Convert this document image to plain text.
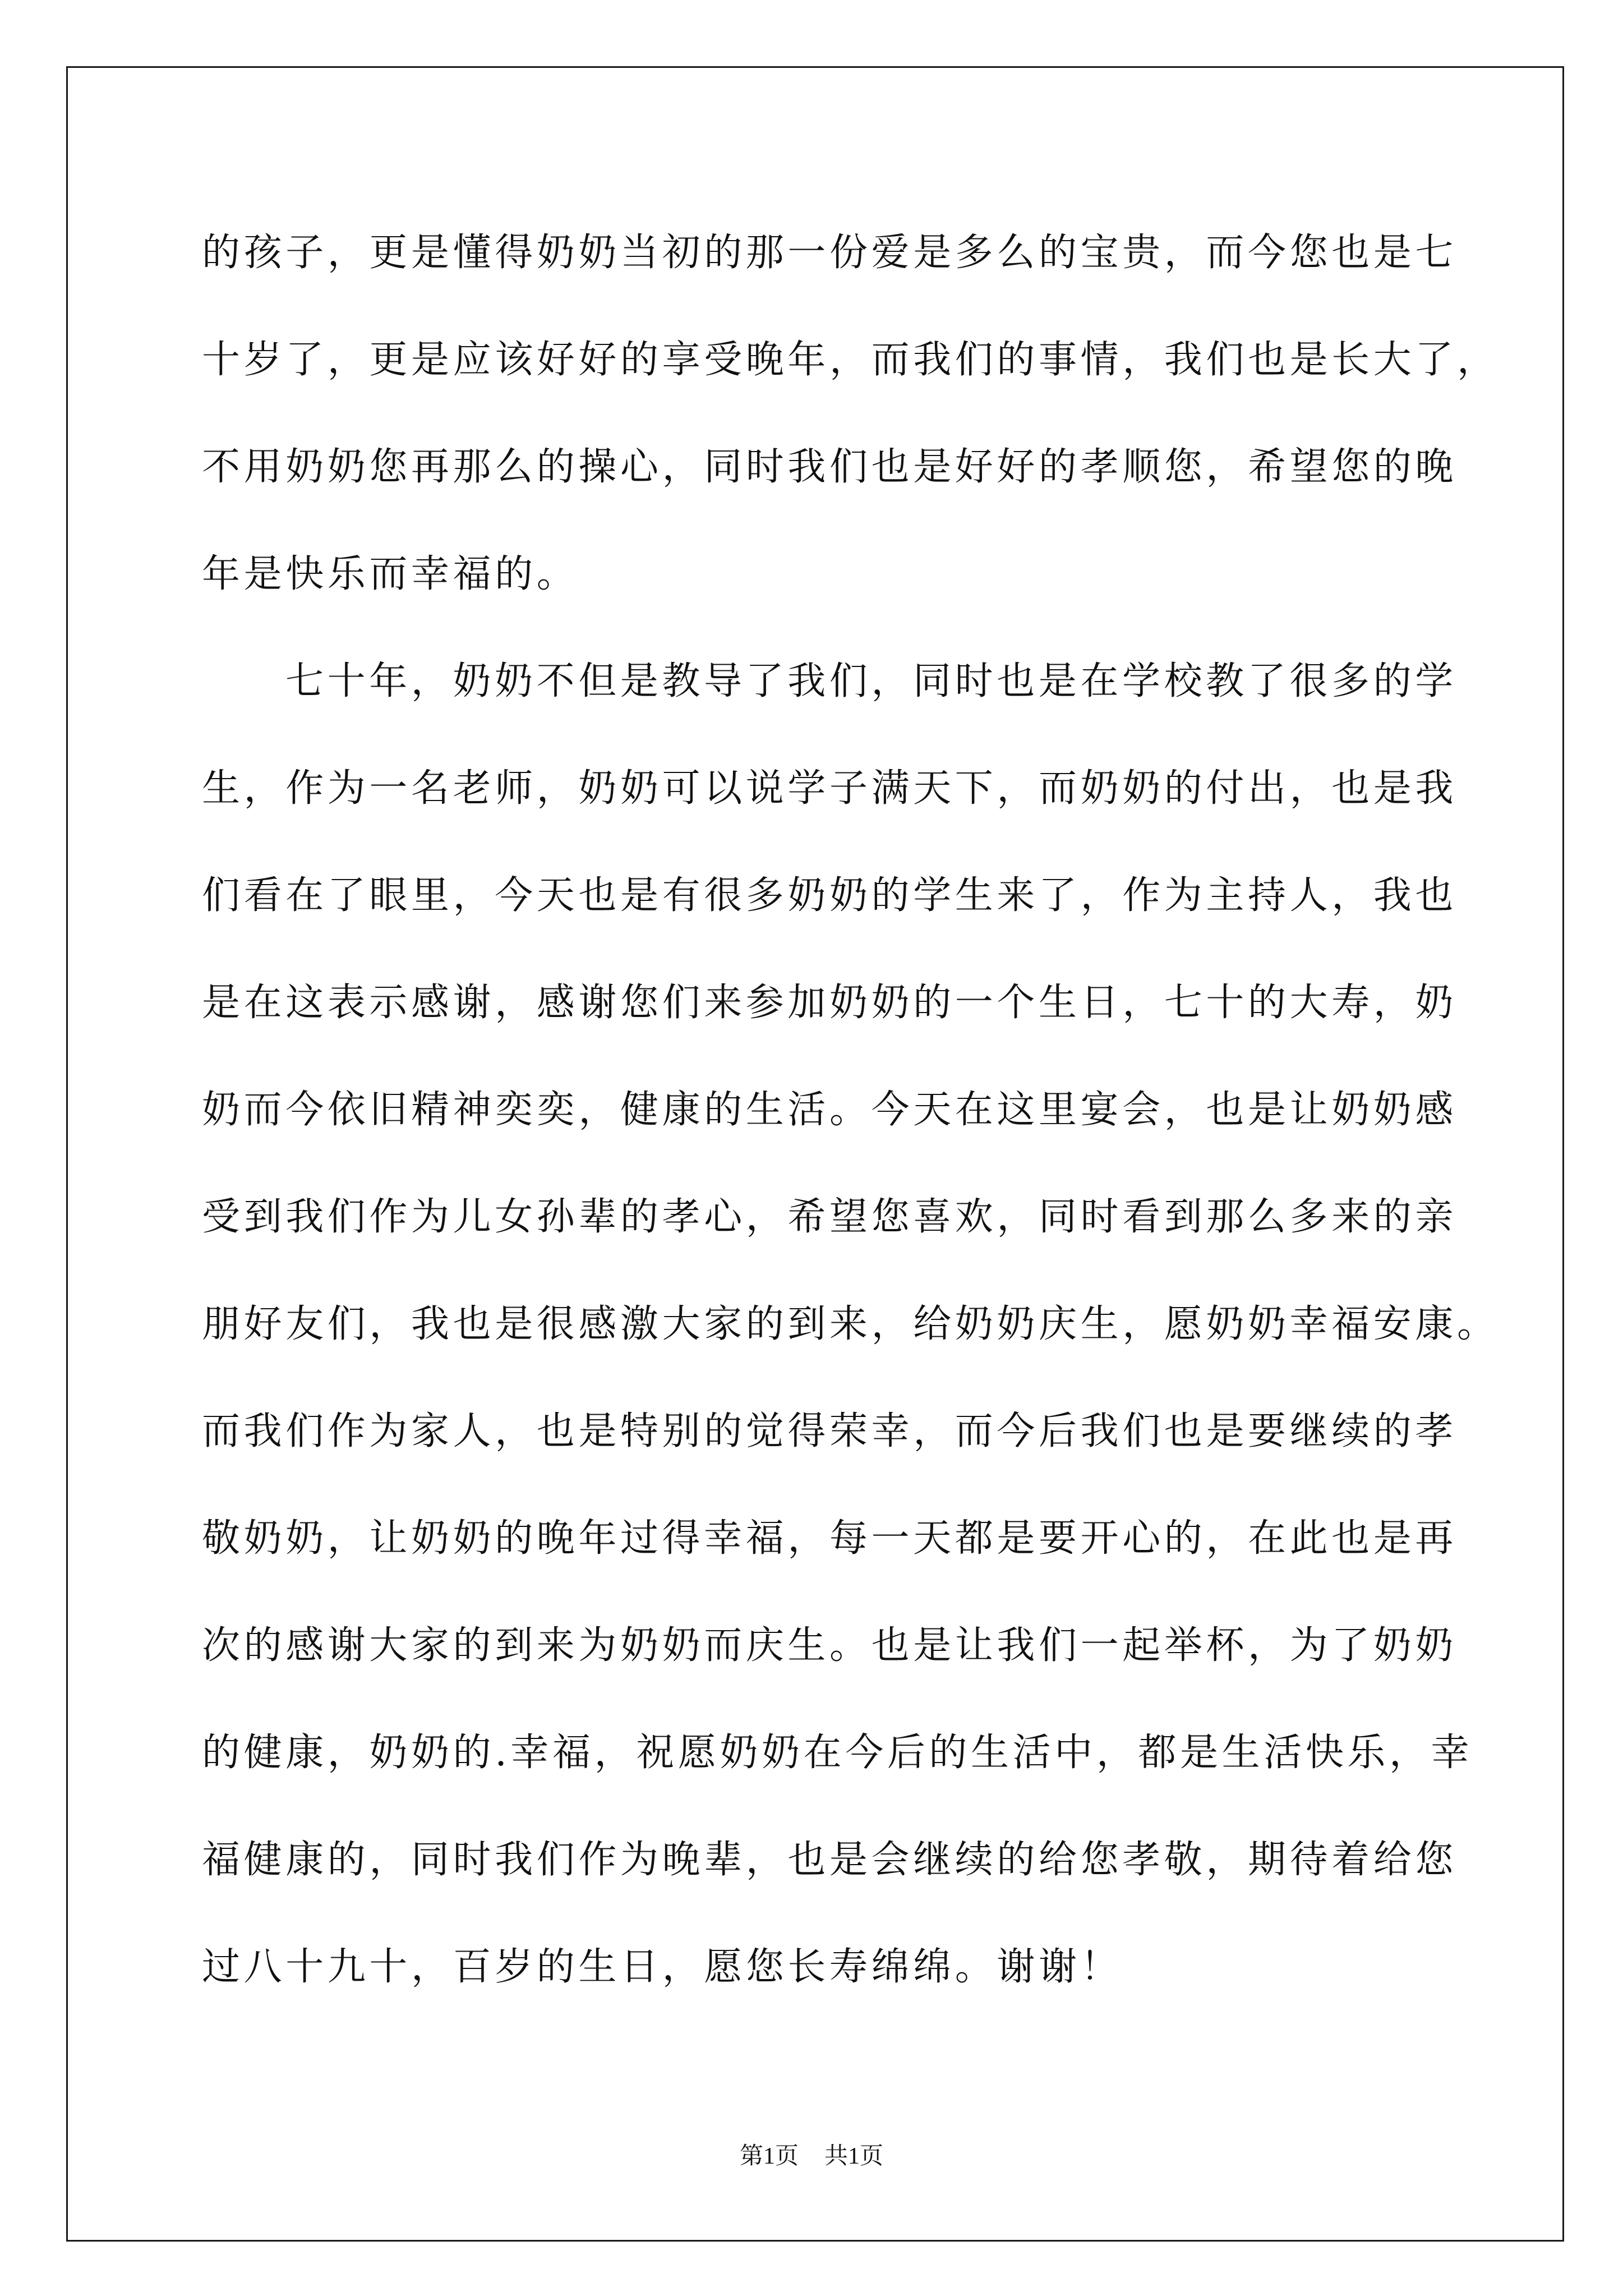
的孩子，更是懂得奶奶当初的那一份爱是多么的宝贵，而今您也是七
十岁了，更是应该好好的享受晚年，而我们的事情，我们也是长大了，
不用奶奶您再那么的操心，同时我们也是好好的孝顺您，希望您的晚
年是快乐而幸福的。
七十年，奶奶不但是教导了我们，同时也是在学校教了很多的学
生，作为一名老师，奶奶可以说学子满天下，而奶奶的付出，也是我
们看在了眼里，今天也是有很多奶奶的学生来了，作为主持人，我也
是在这表示感谢，感谢您们来参加奶奶的一个生日，七十的大寿，奶
奶而今依旧精神奕奕，健康的生活。今天在这里宴会，也是让奶奶感
受到我们作为儿女孙辈的孝心，希望您喜欢，同时看到那么多来的亲
朋好友们，我也是很感激大家的到来，给奶奶庆生，愿奶奶幸福安康。
而我们作为家人，也是特别的觉得荣幸，而今后我们也是要继续的孝
敬奶奶，让奶奶的晚年过得幸福，每一天都是要开心的，在此也是再
次的感谢大家的到来为奶奶而庆生。也是让我们一起举杯，为了奶奶
的健康，奶奶的.幸福，祝愿奶奶在今后的生活中，都是生活快乐，幸
福健康的，同时我们作为晚辈，也是会继续的给您孝敬，期待着给您
过八十九十，百岁的生日，愿您长寿绵绵。谢谢！
第1页 共1页
